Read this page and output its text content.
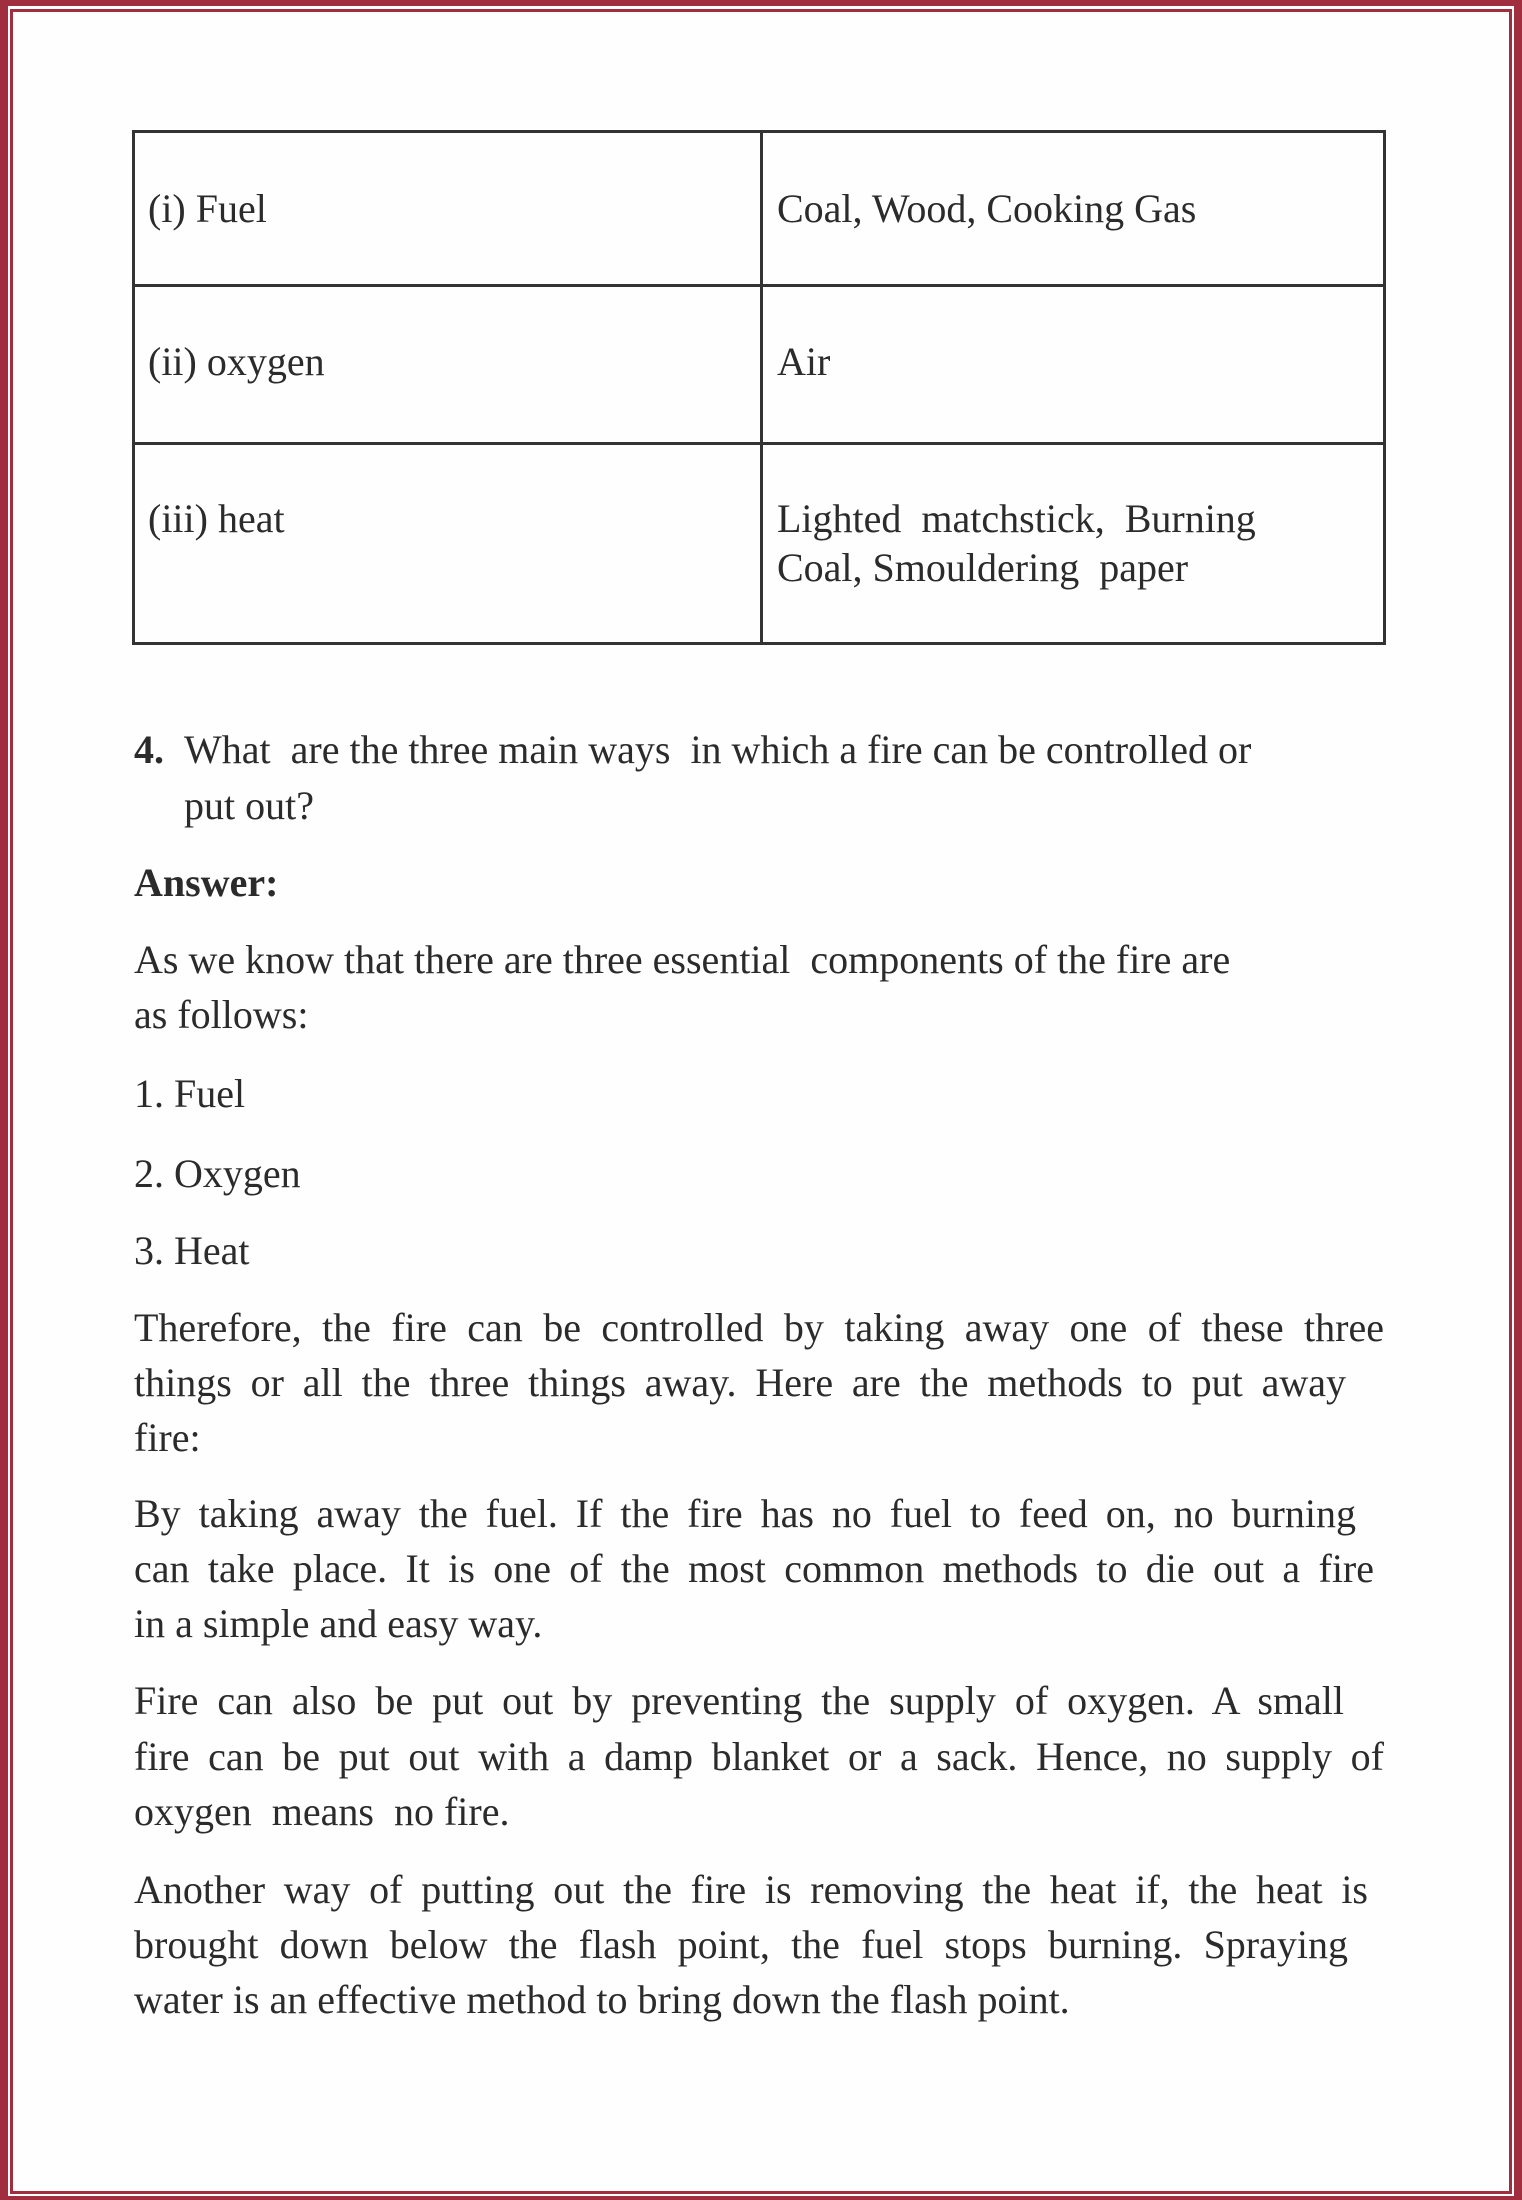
(i) Fuel	Coal, Wood, Cooking Gas
(ii) oxygen	Air
(iii) heat	Lighted  matchstick,  Burning
Coal, Smouldering  paper
4. What  are the three main ways  in which a fire can be controlled or
put out?
Answer:
As we know that there are three essential  components of the fire are
as follows:
1. Fuel
2. Oxygen
3. Heat
Therefore, the fire can be controlled by taking away one of these three
things or all the three things away. Here are the methods to put away
fire:
By taking away the fuel. If the fire has no fuel to feed on, no burning
can take place. It is one of the most common methods to die out a fire
in a simple and easy way.
Fire can also be put out by preventing the supply of oxygen. A small
fire can be put out with a damp blanket or a sack. Hence, no supply of
oxygen  means  no fire.
Another way of putting out the fire is removing the heat if, the heat is
brought down below the flash point, the fuel stops burning. Spraying
water is an effective method to bring down the flash point.
